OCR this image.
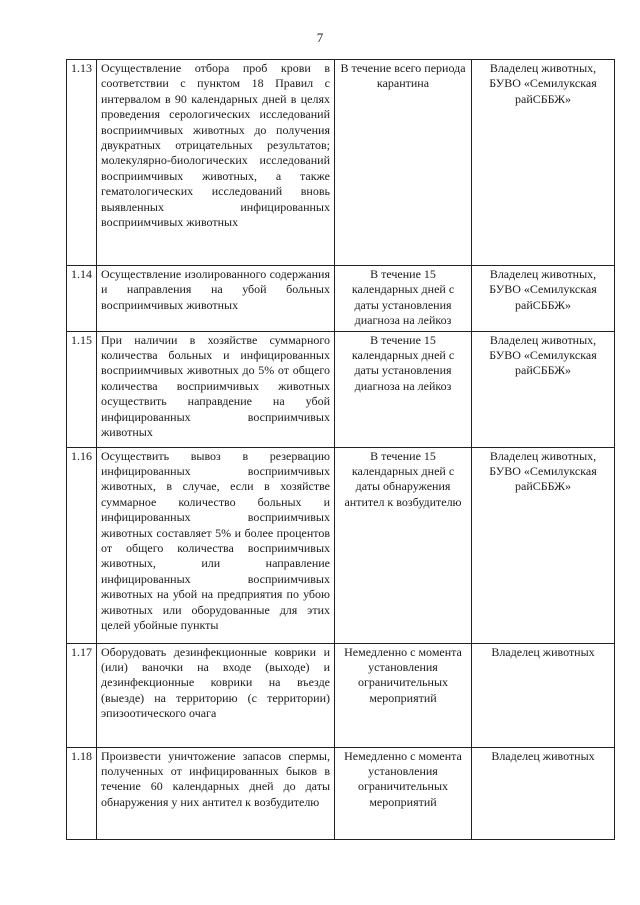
7
1.13	Осуществление отбора проб крови в соответствии с пунктом 18 Правил с интервалом в 90 календарных дней в целях проведения серологических исследований восприимчивых животных до получения двукратных отрицательных результатов; молекулярно-биологических исследований восприимчивых животных, а также гематологических исследований вновь выявленных инфицированных восприимчивых животных	В течение всего периода карантина	Владелец животных, БУВО «Семилукская райСББЖ»
1.14	Осуществление изолированного содержания и направления на убой больных восприимчивых животных	В течение 15 календарных дней с даты установления диагноза на лейкоз	Владелец животных, БУВО «Семилукская райСББЖ»
1.15	При наличии в хозяйстве суммарного количества больных и инфицированных восприимчивых животных до 5% от общего количества восприимчивых животных осуществить направдение на убой инфицированных восприимчивых животных	В течение 15 календарных дней с даты установления диагноза на лейкоз	Владелец животных, БУВО «Семилукская райСББЖ»
1.16	Осуществить вывоз в резервацию инфицированных восприимчивых животных, в случае, если в хозяйстве суммарное количество больных и инфицированных восприимчивых животных составляет 5% и более процентов от общего количества восприимчивых животных, или направление инфицированных восприимчивых животных на убой на предприятия по убою животных или оборудованные для этих целей убойные пункты	В течение 15 календарных дней с даты обнаружения антител к возбудителю	Владелец животных, БУВО «Семилукская райСББЖ»
1.17	Оборудовать дезинфекционные коврики и (или) ваночки на входе (выходе) и дезинфекционные коврики на въезде (выезде) на территорию (с территории) эпизоотического очага	Немедленно с момента установления ограничительных мероприятий	Владелец животных
1.18	Произвести уничтожение запасов спермы, полученных от инфицированных быков в течение 60 календарных дней до даты обнаружения у них антител к возбудителю	Немедленно с момента установления ограничительных мероприятий	Владелец животных
